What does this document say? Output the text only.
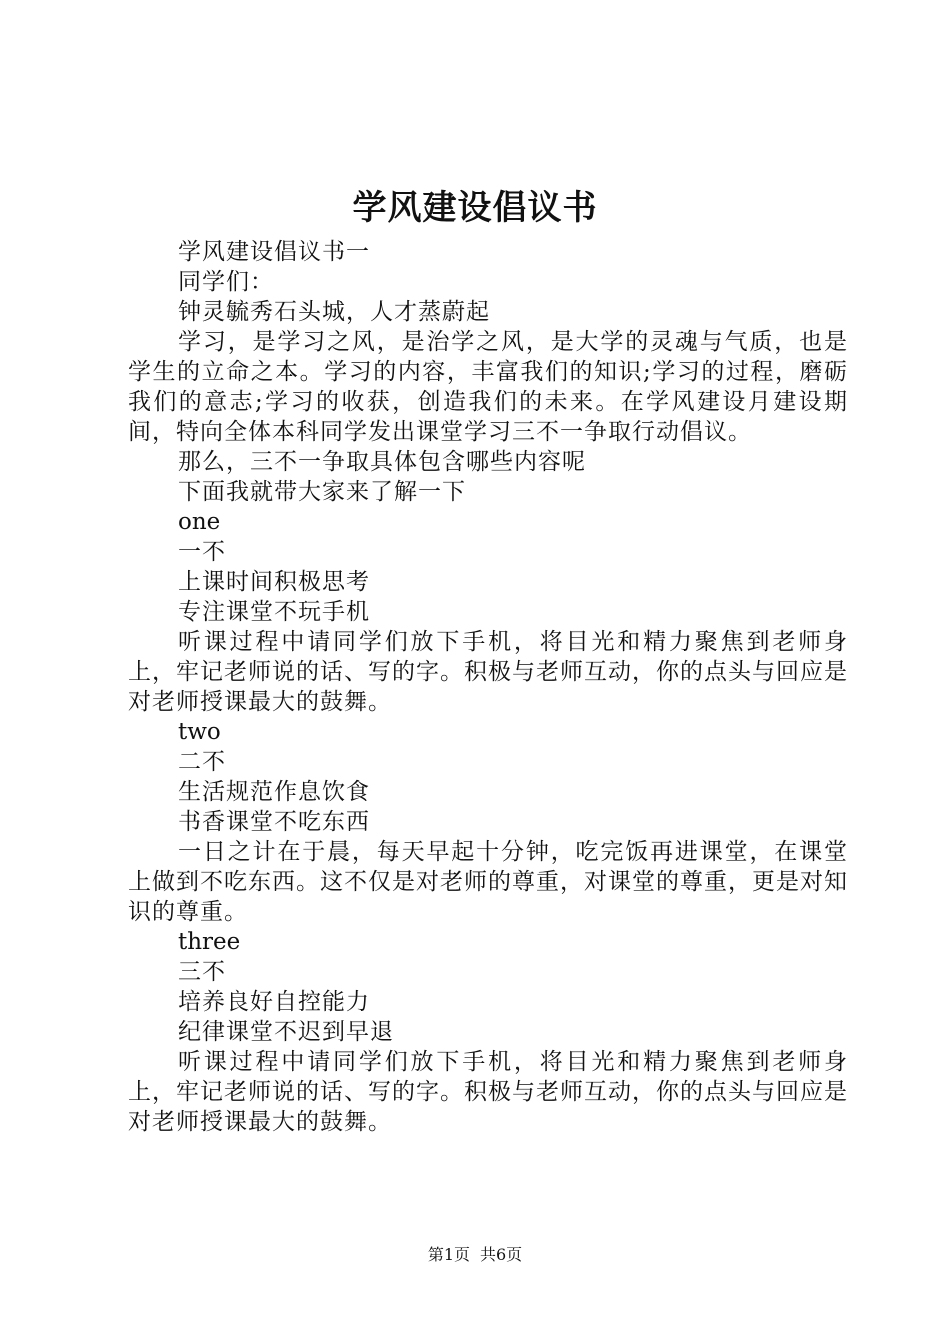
学风建设倡议书

学风建设倡议书一

同学们：

钟灵毓秀石头城，人才蒸蔚起

学习，是学习之风，是治学之风，是大学的灵魂与气质，也是学生的立命之本。学习的内容，丰富我们的知识;学习的过程，磨砺我们的意志;学习的收获，创造我们的未来。在学风建设月建设期间，特向全体本科同学发出课堂学习三不一争取行动倡议。

那么，三不一争取具体包含哪些内容呢

下面我就带大家来了解一下

one

一不

上课时间积极思考

专注课堂不玩手机

听课过程中请同学们放下手机，将目光和精力聚焦到老师身上，牢记老师说的话、写的字。积极与老师互动，你的点头与回应是对老师授课最大的鼓舞。

two

二不

生活规范作息饮食

书香课堂不吃东西

一日之计在于晨，每天早起十分钟，吃完饭再进课堂，在课堂上做到不吃东西。这不仅是对老师的尊重，对课堂的尊重，更是对知识的尊重。

three

三不

培养良好自控能力

纪律课堂不迟到早退

听课过程中请同学们放下手机，将目光和精力聚焦到老师身上，牢记老师说的话、写的字。积极与老师互动，你的点头与回应是对老师授课最大的鼓舞。

第1页 共6页
